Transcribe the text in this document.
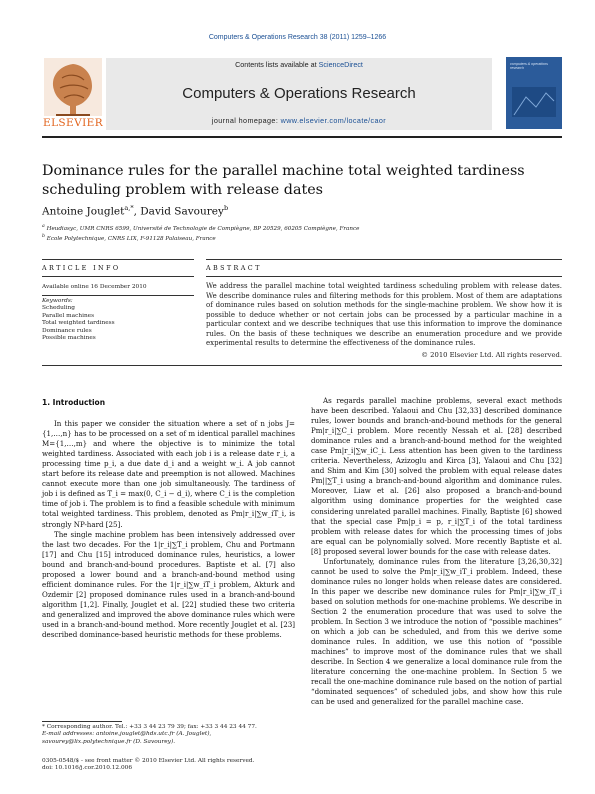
Computers & Operations Research 38 (2011) 1259–1266
ELSEVIER
Contents lists available at ScienceDirect
Computers & Operations Research
journal homepage: www.elsevier.com/locate/caor
computers & operations research
Dominance rules for the parallel machine total weighted tardiness scheduling problem with release dates
Antoine Jouglet$^{a,*}$, David Savourey$^b$
$^a$ Heudiasyc, UMR CNRS 6599, Université de Technologie de Compiègne, BP 20529, 60205 Compiègne, France
$^b$ Ecole Polytechnique, CNRS LIX, F-91128 Palaiseau, France
ARTICLE INFO	ABSTRACT
Available online 16 December 2010
Keywords:
Scheduling
Parallel machines
Total weighted tardiness
Dominance rules
Possible machines
We address the parallel machine total weighted tardiness scheduling problem with release dates. We describe dominance rules and filtering methods for this problem. Most of them are adaptations of dominance rules based on solution methods for the single-machine problem. We show how it is possible to deduce whether or not certain jobs can be processed by a particular machine in a particular context and we describe techniques that use this information to improve the dominance rules. On the basis of these techniques we describe an enumeration procedure and we provide experimental results to determine the effectiveness of the dominance rules.
© 2010 Elsevier Ltd. All rights reserved.
1. Introduction

In this paper we consider the situation where a set of n jobs J={1,…,n} has to be processed on a set of m identical parallel machines M={1,…,m} and where the objective is to minimize the total weighted tardiness. Associated with each job i is a release date r_i, a processing time p_i, a due date d_i and a weight w_i. A job cannot start before its release date and preemption is not allowed. Machines cannot execute more than one job simultaneously. The tardiness of job i is defined as T_i = max(0, C_i − d_i), where C_i is the completion time of job i. The problem is to find a feasible schedule with minimum total weighted tardiness. This problem, denoted as Pm|r_i|∑w_iT_i, is strongly NP-hard [25].

The single machine problem has been intensively addressed over the last two decades. For the 1|r_i|∑T_i problem, Chu and Portmann [17] and Chu [15] introduced dominance rules, heuristics, a lower bound and branch-and-bound procedures. Baptiste et al. [7] also proposed a lower bound and a branch-and-bound method using efficient dominance rules. For the 1|r_i|∑w_iT_i problem, Akturk and Ozdemir [2] proposed dominance rules used in a branch-and-bound algorithm [1,2]. Finally, Jouglet et al. [22] studied these two criteria and generalized and improved the above dominance rules which were used in a branch-and-bound method. More recently Jouglet et al. [23] described dominance-based heuristic methods for these problems.

As regards parallel machine problems, several exact methods have been described. Yalaoui and Chu [32,33] described dominance rules, lower bounds and branch-and-bound methods for the general Pm|r_i|∑C_i problem. More recently Nessah et al. [28] described dominance rules and a branch-and-bound method for the weighted case Pm|r_i|∑w_iC_i. Less attention has been given to the tardiness criteria. Nevertheless, Azizoglu and Kirca [3], Yalaoui and Chu [32] and Shim and Kim [30] solved the problem with equal release dates Pm||∑T_i using a branch-and-bound algorithm and dominance rules. Moreover, Liaw et al. [26] also proposed a branch-and-bound algorithm using dominance properties for the weighted case considering unrelated parallel machines. Finally, Baptiste [6] showed that the special case Pm|p_i = p, r_i|∑T_i of the total tardiness problem with release dates for which the processing times of jobs are equal can be polynomially solved. More recently Baptiste et al. [8] proposed several lower bounds for the case with release dates.

Unfortunately, dominance rules from the literature [3,26,30,32] cannot be used to solve the Pm|r_i|∑w_iT_i problem. Indeed, these dominance rules no longer holds when release dates are considered. In this paper we describe new dominance rules for Pm|r_i|∑w_iT_i based on solution methods for one-machine problems. We describe in Section 2 the enumeration procedure that was used to solve the problem. In Section 3 we introduce the notion of “possible machines” on which a job can be scheduled, and from this we derive some dominance rules. In addition, we use this notion of “possible machines” to improve most of the dominance rules that we shall describe. In Section 4 we generalize a local dominance rule from the literature concerning the one-machine problem. In Section 5 we recall the one-machine dominance rule based on the notion of partial “dominated sequences” of scheduled jobs, and show how this rule can be used and generalized for the parallel machine case.

* Corresponding author. Tel.: +33 3 44 23 79 39; fax: +33 3 44 23 44 77.
E-mail addresses: antoine.jouglet@hds.utc.fr (A. Jouglet), savourey@lix.polytechnique.fr (D. Savourey).
0305-0548/$ - see front matter © 2010 Elsevier Ltd. All rights reserved.
doi: 10.1016/j.cor.2010.12.006
